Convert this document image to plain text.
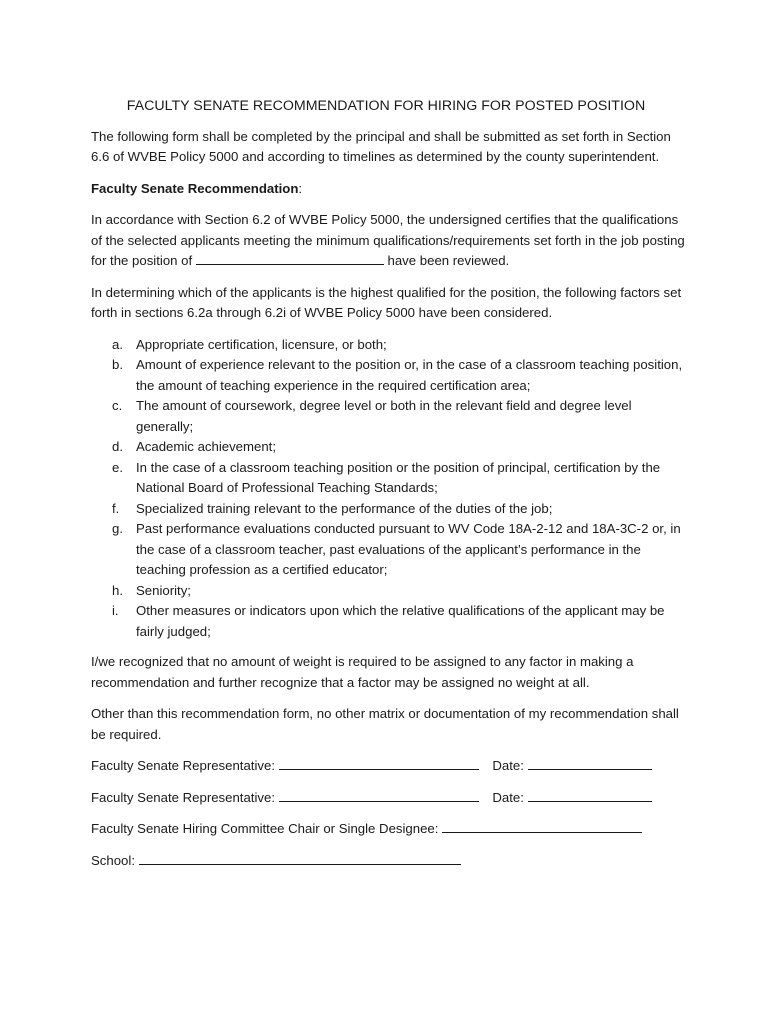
FACULTY SENATE RECOMMENDATION FOR HIRING FOR POSTED POSITION

The following form shall be completed by the principal and shall be submitted as set forth in Section 6.6 of WVBE Policy 5000 and according to timelines as determined by the county superintendent.

Faculty Senate Recommendation:

In accordance with Section 6.2 of WVBE Policy 5000, the undersigned certifies that the qualifications of the selected applicants meeting the minimum qualifications/requirements set forth in the job posting for the position of	have been reviewed.

In determining which of the applicants is the highest qualified for the position, the following factors set forth in sections 6.2a through 6.2i of WVBE Policy 5000 have been considered.

a. Appropriate certification, licensure, or both;
b. Amount of experience relevant to the position or, in the case of a classroom teaching position, the amount of teaching experience in the required certification area;
c. The amount of coursework, degree level or both in the relevant field and degree level generally;
d. Academic achievement;
e. In the case of a classroom teaching position or the position of principal, certification by the National Board of Professional Teaching Standards;
f. Specialized training relevant to the performance of the duties of the job;
g. Past performance evaluations conducted pursuant to WV Code 18A-2-12 and 18A-3C-2 or, in the case of a classroom teacher, past evaluations of the applicant’s performance in the teaching profession as a certified educator;
h. Seniority;
i. Other measures or indicators upon which the relative qualifications of the applicant may be fairly judged;

I/we recognized that no amount of weight is required to be assigned to any factor in making a recommendation and further recognize that a factor may be assigned no weight at all.

Other than this recommendation form, no other matrix or documentation of my recommendation shall be required.

Faculty Senate Representative:	Date:
Faculty Senate Representative:	Date:
Faculty Senate Hiring Committee Chair or Single Designee:
School:
